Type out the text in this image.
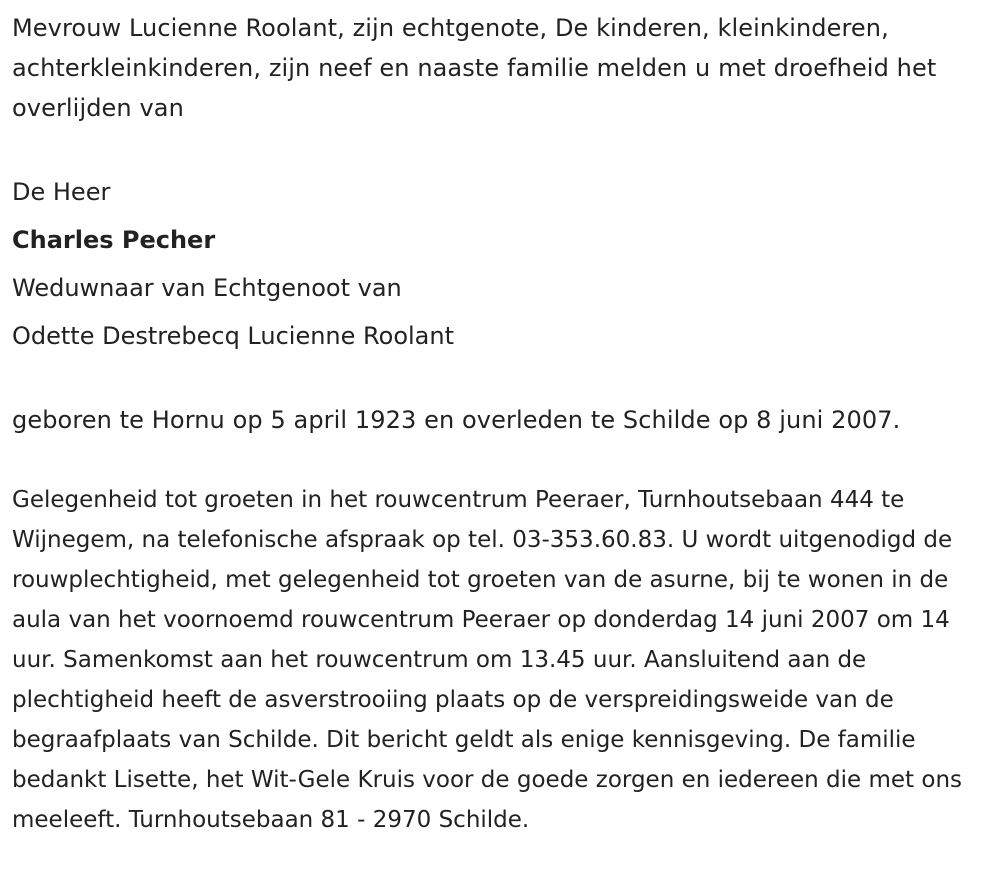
Mevrouw Lucienne Roolant, zijn echtgenote, De kinderen, kleinkinderen, achterkleinkinderen, zijn neef en naaste familie melden u met droefheid het overlijden van

De Heer

Charles Pecher

Weduwnaar van Echtgenoot van

Odette Destrebecq Lucienne Roolant

geboren te Hornu op 5 april 1923 en overleden te Schilde op 8 juni 2007.

Gelegenheid tot groeten in het rouwcentrum Peeraer, Turnhoutsebaan 444 te Wijnegem, na telefonische afspraak op tel. 03-353.60.83. U wordt uitgenodigd de rouwplechtigheid, met gelegenheid tot groeten van de asurne, bij te wonen in de aula van het voornoemd rouwcentrum Peeraer op donderdag 14 juni 2007 om 14 uur. Samenkomst aan het rouwcentrum om 13.45 uur. Aansluitend aan de plechtigheid heeft de asverstrooiing plaats op de verspreidingsweide van de begraafplaats van Schilde. Dit bericht geldt als enige kennisgeving. De familie bedankt Lisette, het Wit-Gele Kruis voor de goede zorgen en iedereen die met ons meeleeft. Turnhoutsebaan 81 - 2970 Schilde.
